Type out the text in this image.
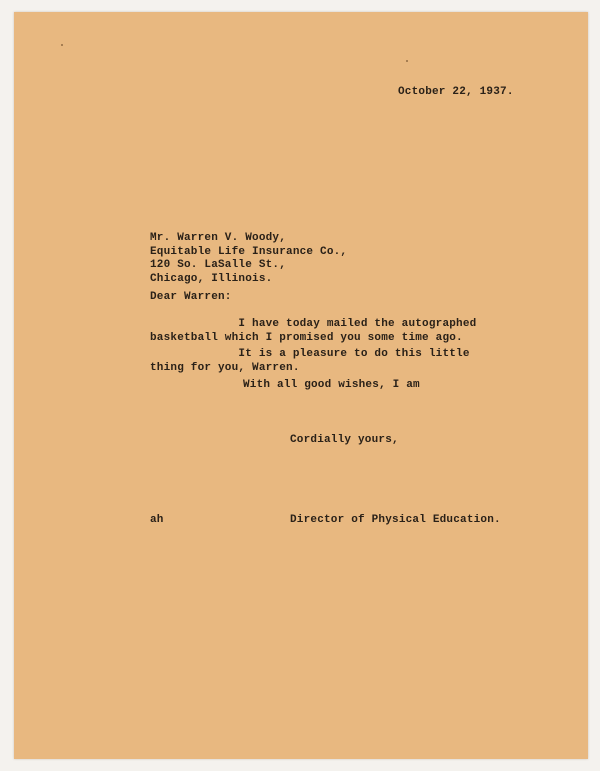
October 22, 1937.

Mr. Warren V. Woody,
Equitable Life Insurance Co.,
120 So. LaSalle St.,
Chicago, Illinois.

Dear Warren:

I have today mailed the autographed
basketball which I promised you some time ago.
It is a pleasure to do this little
thing for you, Warren.

With all good wishes, I am

Cordially yours,

ah	Director of Physical Education.
